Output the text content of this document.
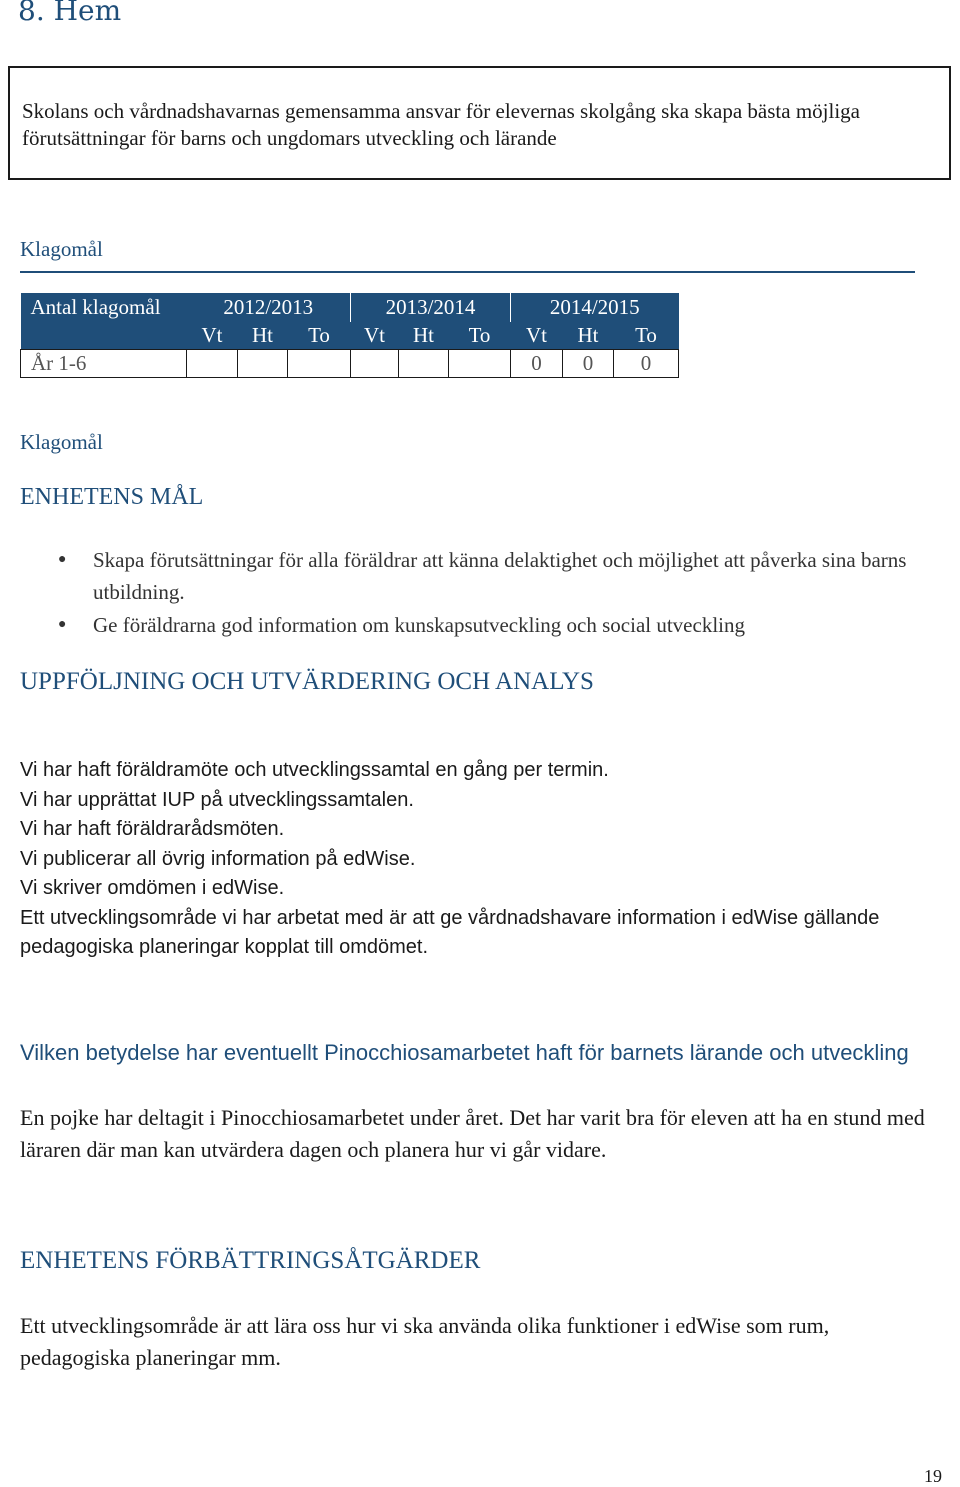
8. Hem
Skolans och vårdnadshavarnas gemensamma ansvar för elevernas skolgång ska skapa bästa möjliga förutsättningar för barns och ungdomars utveckling och lärande
Klagomål
Antal klagomål	2012/2013			2013/2014			2014/2015		
	Vt	Ht	To	Vt	Ht	To	Vt	Ht	To
År 1-6							0	0	0
Klagomål
ENHETENS MÅL
● Skapa förutsättningar för alla föräldrar att känna delaktighet och möjlighet att påverka sina barns utbildning.
● Ge föräldrarna god information om kunskapsutveckling och social utveckling
UPPFÖLJNING OCH UTVÄRDERING OCH ANALYS
Vi har haft föräldramöte och utvecklingssamtal en gång per termin.
Vi har upprättat IUP på utvecklingssamtalen.
Vi har haft föräldrarådsmöten.
Vi publicerar all övrig information på edWise.
Vi skriver omdömen i edWise.
Ett utvecklingsområde vi har arbetat med är att ge vårdnadshavare information i edWise gällande pedagogiska planeringar kopplat till omdömet.
Vilken betydelse har eventuellt Pinocchiosamarbetet haft för barnets lärande och utveckling
En pojke har deltagit i Pinocchiosamarbetet under året. Det har varit bra för eleven att ha en stund med läraren där man kan utvärdera dagen och planera hur vi går vidare.
ENHETENS FÖRBÄTTRINGSÅTGÄRDER
Ett utvecklingsområde är att lära oss hur vi ska använda olika funktioner i edWise som rum, pedagogiska planeringar mm.
19
